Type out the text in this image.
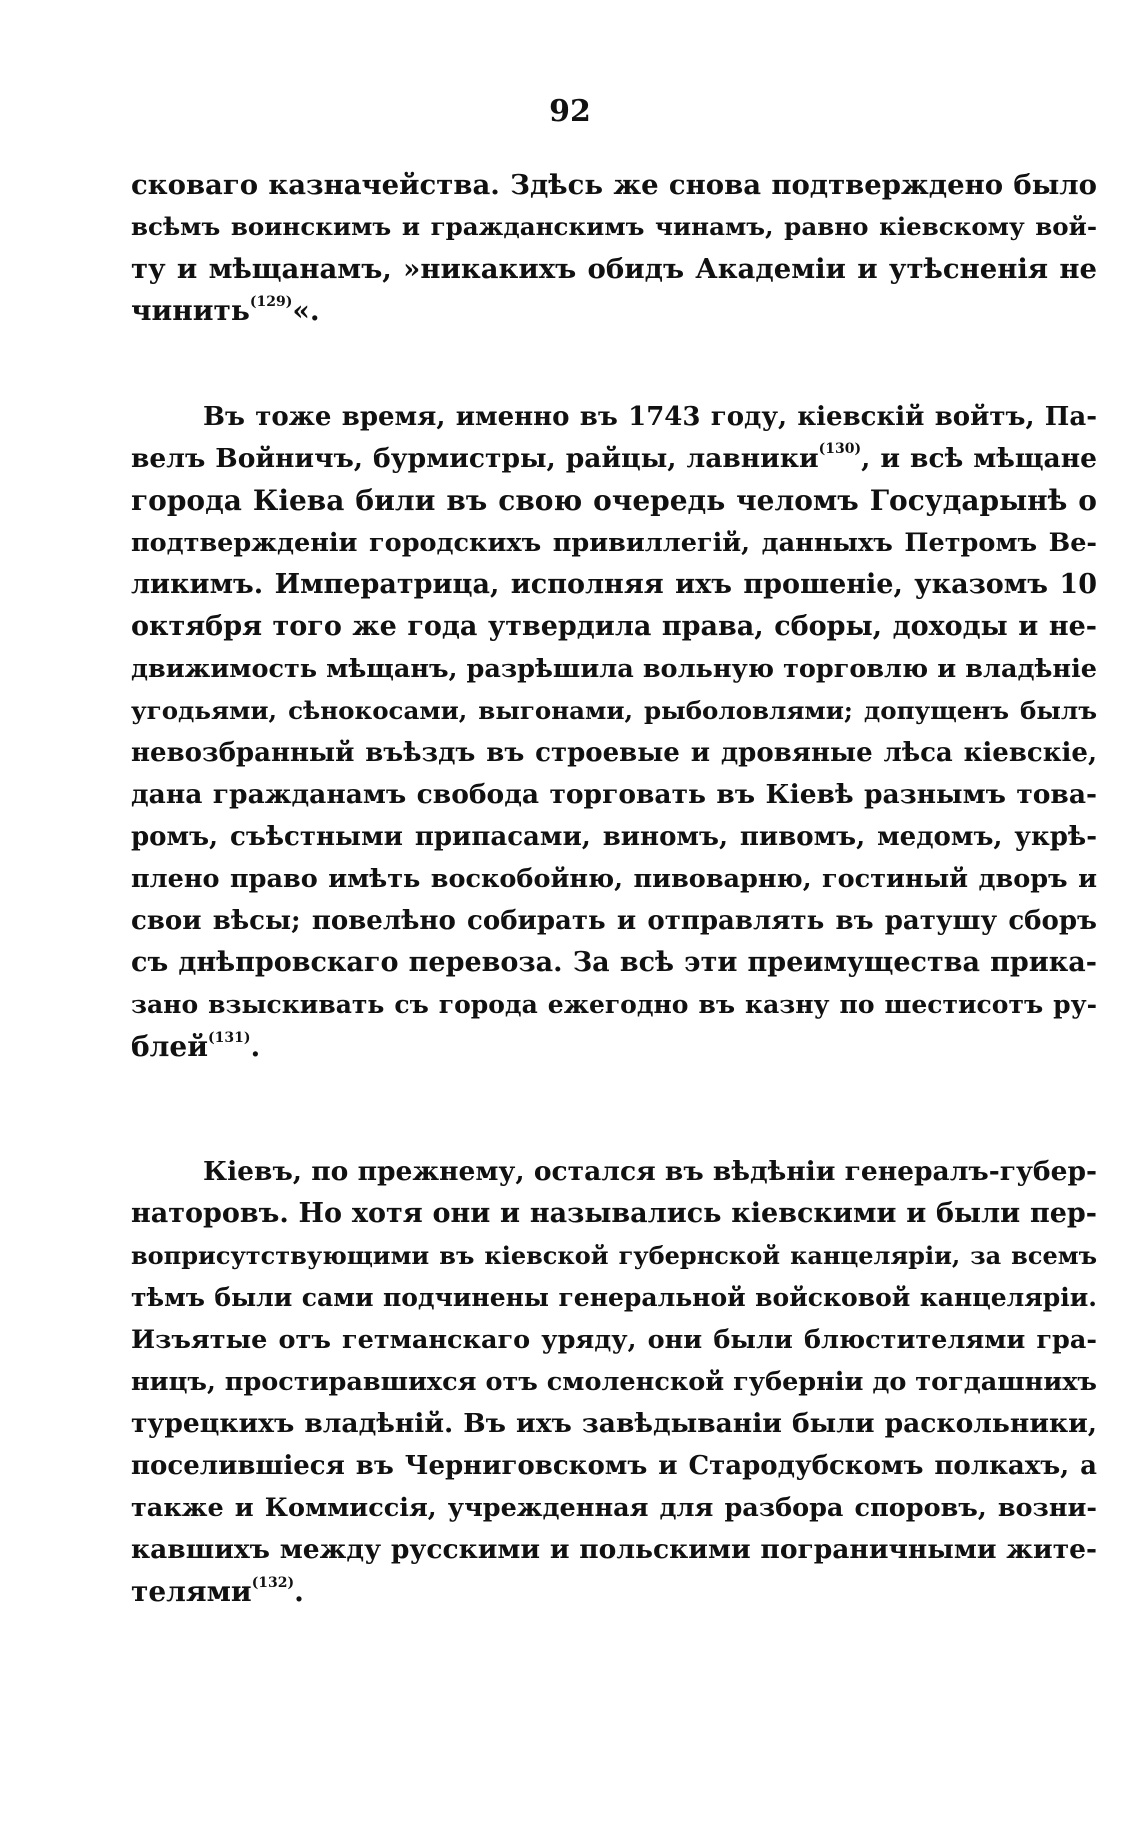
92
сковаго казначейства. Здѣсь же снова подтверждено было
всѣмъ воинскимъ и гражданскимъ чинамъ, равно кіевскому вой-
ту и мѣщанамъ, »никакихъ обидъ Академіи и утѣсненія не
чинить$^{(129)}$«.
Въ тоже время, именно въ 1743 году, кіевскій войтъ, Па-
велъ Войничъ, бурмистры, райцы, лавники$^{(130)}$, и всѣ мѣщане
города Кіева били въ свою очередь челомъ Государынѣ о
подтвержденіи городскихъ привиллегій, данныхъ Петромъ Ве-
ликимъ. Императрица, исполняя ихъ прошеніе, указомъ 10
октября того же года утвердила права, сборы, доходы и не-
движимость мѣщанъ, разрѣшила вольную торговлю и владѣніе
угодьями, сѣнокосами, выгонами, рыболовлями; допущенъ былъ
невозбранный въѣздъ въ строевые и дровяные лѣса кіевскіе,
дана гражданамъ свобода торговать въ Кіевѣ разнымъ това-
ромъ, съѣстными припасами, виномъ, пивомъ, медомъ, укрѣ-
плено право имѣть воскобойню, пивоварню, гостиный дворъ и
свои вѣсы; повелѣно собирать и отправлять въ ратушу сборъ
съ днѣпровскаго перевоза. За всѣ эти преимущества прика-
зано взыскивать съ города ежегодно въ казну по шестисотъ ру-
блей$^{(131)}$.
Кіевъ, по прежнему, остался въ вѣдѣніи генералъ-губер-
наторовъ. Но хотя они и назывались кіевскими и были пер-
воприсутствующими въ кіевской губернской канцеляріи, за всемъ
тѣмъ были сами подчинены генеральной войсковой канцеляріи.
Изъятые отъ гетманскаго уряду, они были блюстителями гра-
ницъ, простиравшихся отъ смоленской губерніи до тогдашнихъ
турецкихъ владѣній. Въ ихъ завѣдываніи были раскольники,
поселившіеся въ Черниговскомъ и Стародубскомъ полкахъ, а
также и Коммиссія, учрежденная для разбора споровъ, возни-
кавшихъ между русскими и польскими пограничными жите-
телями$^{(132)}$.
